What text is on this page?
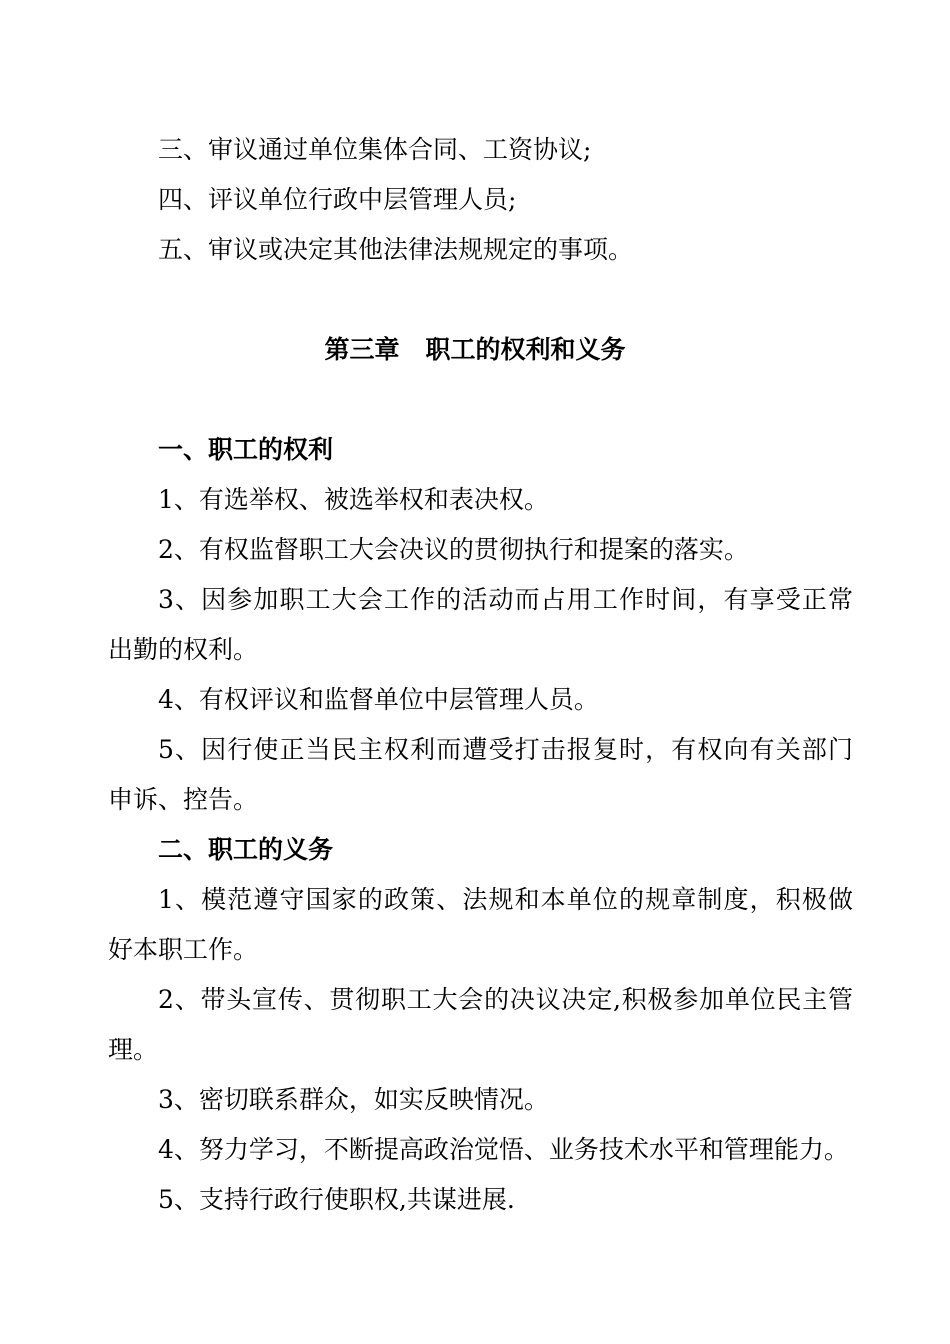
三、审议通过单位集体合同、工资协议;
四、评议单位行政中层管理人员;
五、审议或决定其他法律法规规定的事项。
第三章   职工的权利和义务
一、职工的权利
1、有选举权、被选举权和表决权。
2、有权监督职工大会决议的贯彻执行和提案的落实。
3、因参加职工大会工作的活动而占用工作时间，有享受正常
出勤的权利。
4、有权评议和监督单位中层管理人员。
5、因行使正当民主权利而遭受打击报复时，有权向有关部门
申诉、控告。
二、职工的义务
1、模范遵守国家的政策、法规和本单位的规章制度，积极做
好本职工作。
2、带头宣传、贯彻职工大会的决议决定,积极参加单位民主管
理。
3、密切联系群众，如实反映情况。
4、努力学习，不断提高政治觉悟、业务技术水平和管理能力。
5、支持行政行使职权,共谋进展.
